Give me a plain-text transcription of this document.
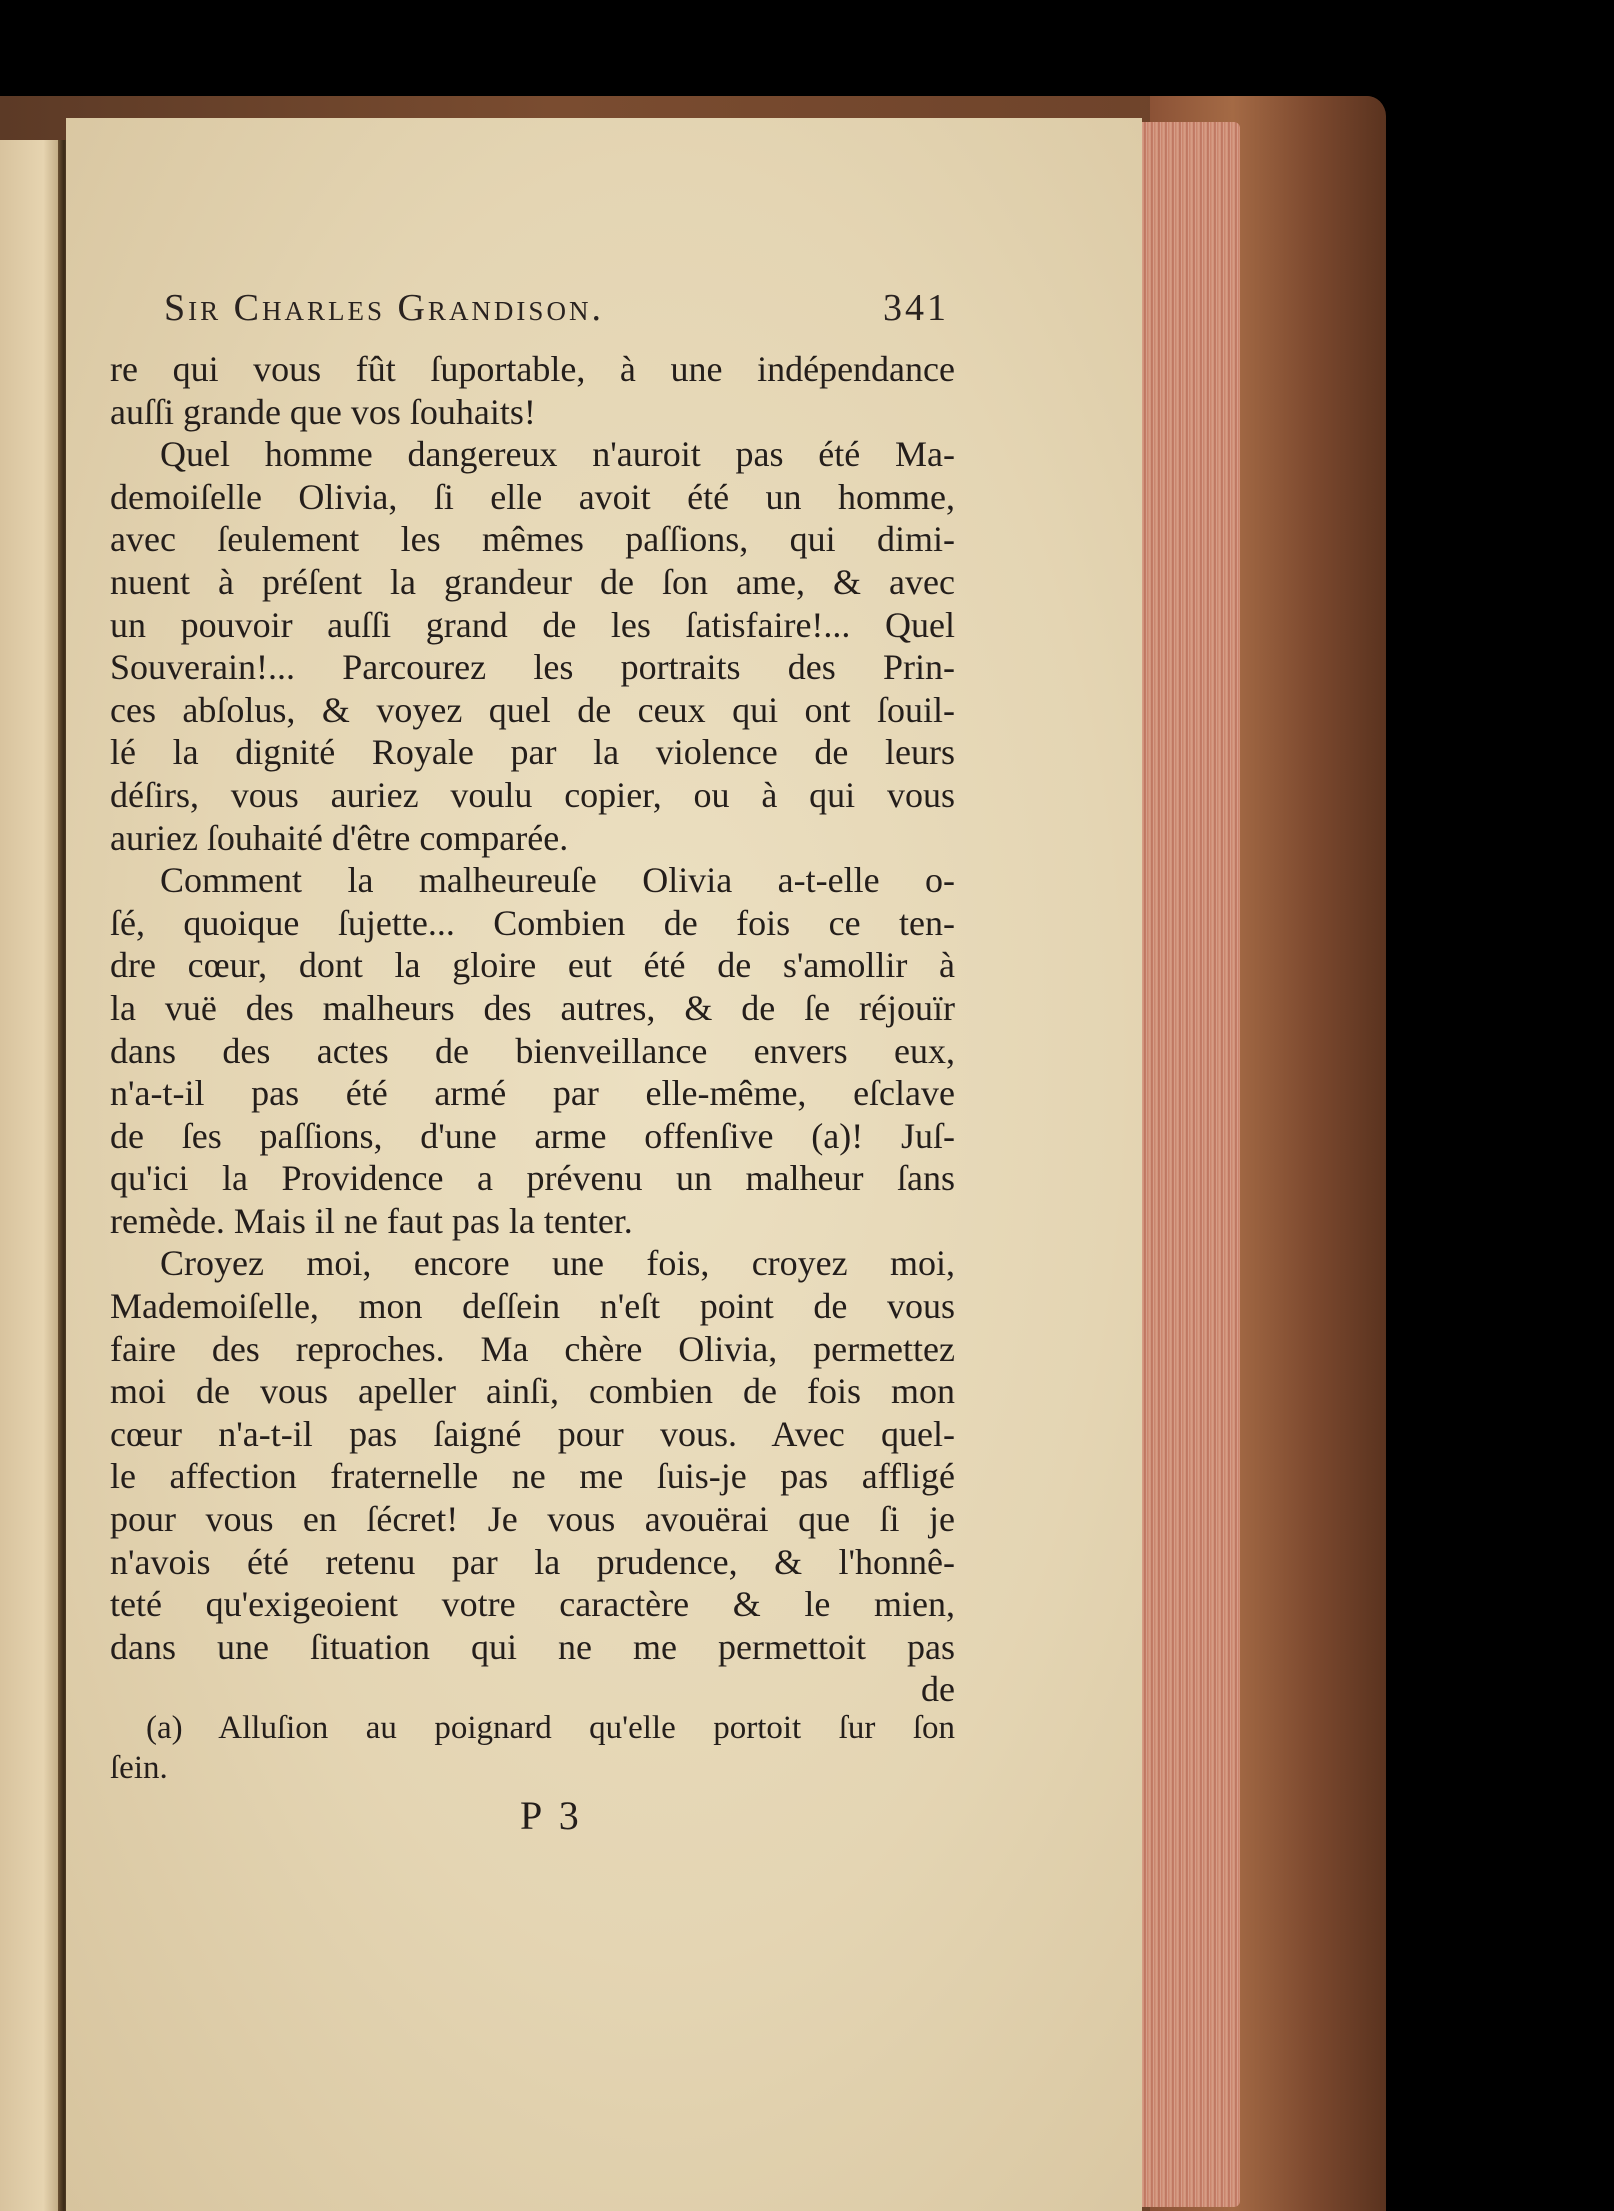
Sir Charles Grandison.	341
re qui vous fût ſuportable, à une indépendance
auſſi grande que vos ſouhaits!
Quel homme dangereux n'auroit pas été Ma-
demoiſelle Olivia, ſi elle avoit été un homme,
avec ſeulement les mêmes paſſions, qui dimi-
nuent à préſent la grandeur de ſon ame, & avec
un pouvoir auſſi grand de les ſatisfaire!... Quel
Souverain!... Parcourez les portraits des Prin-
ces abſolus, & voyez quel de ceux qui ont ſouil-
lé la dignité Royale par la violence de leurs
déſirs, vous auriez voulu copier, ou à qui vous
auriez ſouhaité d'être comparée.
Comment la malheureuſe Olivia a-t-elle o-
ſé, quoique ſujette... Combien de fois ce ten-
dre cœur, dont la gloire eut été de s'amollir à
la vuë des malheurs des autres, & de ſe réjouïr
dans des actes de bienveillance envers eux,
n'a-t-il pas été armé par elle-même, eſclave
de ſes paſſions, d'une arme offenſive (a)! Juſ-
qu'ici la Providence a prévenu un malheur ſans
remède. Mais il ne faut pas la tenter.
Croyez moi, encore une fois, croyez moi,
Mademoiſelle, mon deſſein n'eſt point de vous
faire des reproches. Ma chère Olivia, permettez
moi de vous apeller ainſi, combien de fois mon
cœur n'a-t-il pas ſaigné pour vous. Avec quel-
le affection fraternelle ne me ſuis-je pas affligé
pour vous en ſécret! Je vous avouërai que ſi je
n'avois été retenu par la prudence, & l'honnê-
teté qu'exigeoient votre caractère & le mien,
dans une ſituation qui ne me permettoit pas
de
(a) Alluſion au poignard qu'elle portoit ſur ſon
ſein.
P 3
